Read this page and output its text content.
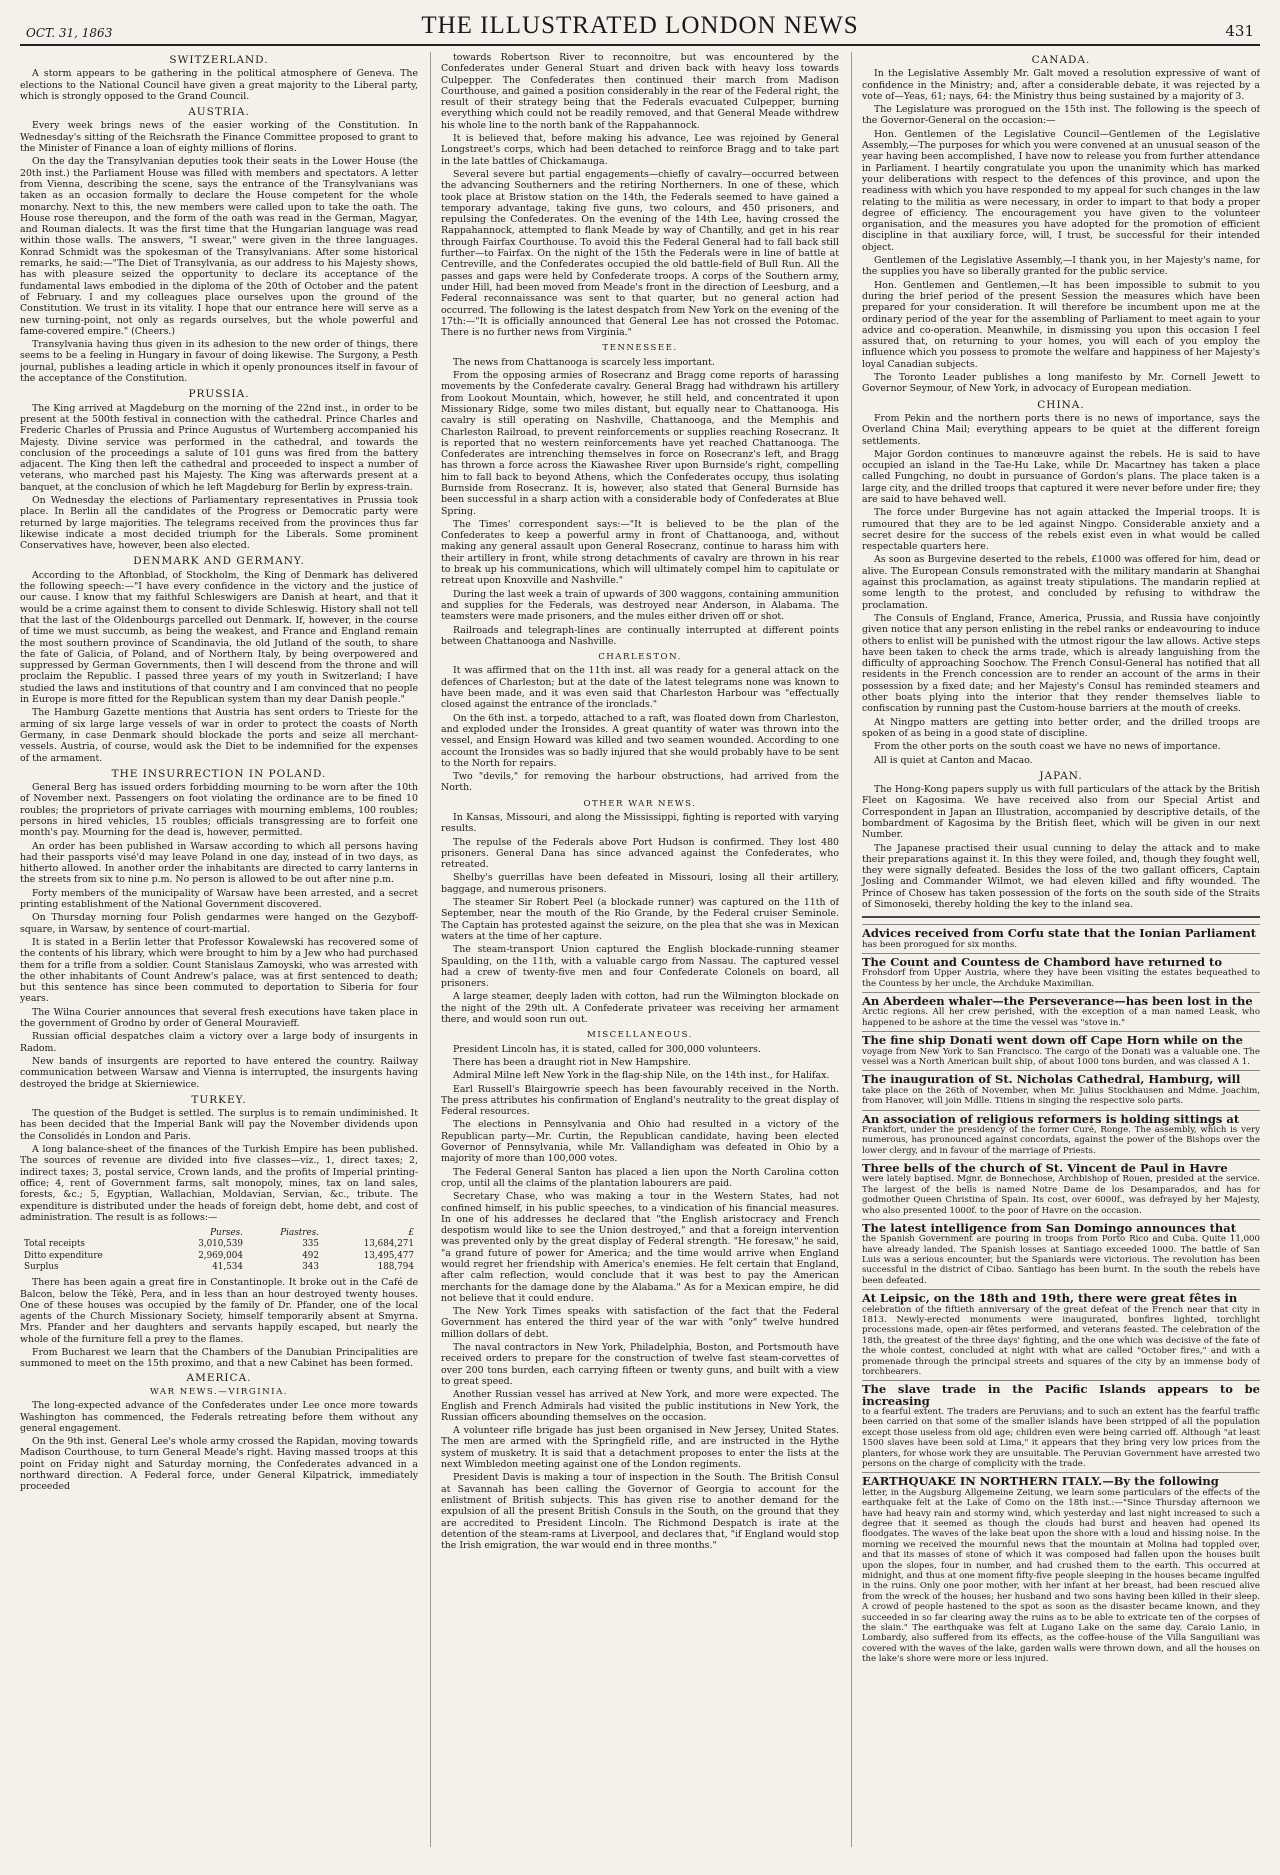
OCT. 31, 1863	THE ILLUSTRATED LONDON NEWS	431
SWITZERLAND.

A storm appears to be gathering in the political atmosphere of Geneva. The elections to the National Council have given a great majority to the Liberal party, which is strongly opposed to the Grand Council.

AUSTRIA.

Every week brings news of the easier working of the Constitution. In Wednesday's sitting of the Reichsrath the Finance Committee proposed to grant to the Minister of Finance a loan of eighty millions of florins.

On the day the Transylvanian deputies took their seats in the Lower House (the 20th inst.) the Parliament House was filled with members and spectators. A letter from Vienna, describing the scene, says the entrance of the Transylvanians was taken as an occasion formally to declare the House competent for the whole monarchy. Next to this, the new members were called upon to take the oath. The House rose thereupon, and the form of the oath was read in the German, Magyar, and Rouman dialects. It was the first time that the Hungarian language was read within those walls. The answers, "I swear," were given in the three languages. Konrad Schmidt was the spokesman of the Transylvanians. After some historical remarks, he said:—"The Diet of Transylvania, as our address to his Majesty shows, has with pleasure seized the opportunity to declare its acceptance of the fundamental laws embodied in the diploma of the 20th of October and the patent of February. I and my colleagues place ourselves upon the ground of the Constitution. We trust in its vitality. I hope that our entrance here will serve as a new turning-point, not only as regards ourselves, but the whole powerful and fame-covered empire." (Cheers.)

Transylvania having thus given in its adhesion to the new order of things, there seems to be a feeling in Hungary in favour of doing likewise. The Surgony, a Pesth journal, publishes a leading article in which it openly pronounces itself in favour of the acceptance of the Constitution.

PRUSSIA.

The King arrived at Magdeburg on the morning of the 22nd inst., in order to be present at the 500th festival in connection with the cathedral. Prince Charles and Frederic Charles of Prussia and Prince Augustus of Wurtemberg accompanied his Majesty. Divine service was performed in the cathedral, and towards the conclusion of the proceedings a salute of 101 guns was fired from the battery adjacent. The King then left the cathedral and proceeded to inspect a number of veterans, who marched past his Majesty. The King was afterwards present at a banquet, at the conclusion of which he left Magdeburg for Berlin by express-train.

On Wednesday the elections of Parliamentary representatives in Prussia took place. In Berlin all the candidates of the Progress or Democratic party were returned by large majorities. The telegrams received from the provinces thus far likewise indicate a most decided triumph for the Liberals. Some prominent Conservatives have, however, been also elected.

DENMARK AND GERMANY.

According to the Aftonblad, of Stockholm, the King of Denmark has delivered the following speech:—"I have every confidence in the victory and the justice of our cause. I know that my faithful Schleswigers are Danish at heart, and that it would be a crime against them to consent to divide Schleswig. History shall not tell that the last of the Oldenbourgs parcelled out Denmark. If, however, in the course of time we must succumb, as being the weakest, and France and England remain the most southern province of Scandinavia, the old Jutland of the south, to share the fate of Galicia, of Poland, and of Northern Italy, by being overpowered and suppressed by German Governments, then I will descend from the throne and will proclaim the Republic. I passed three years of my youth in Switzerland; I have studied the laws and institutions of that country and I am convinced that no people in Europe is more fitted for the Republican system than my dear Danish people."

The Hamburg Gazette mentions that Austria has sent orders to Trieste for the arming of six large large vessels of war in order to protect the coasts of North Germany, in case Denmark should blockade the ports and seize all merchant-vessels. Austria, of course, would ask the Diet to be indemnified for the expenses of the armament.

THE INSURRECTION IN POLAND.

General Berg has issued orders forbidding mourning to be worn after the 10th of November next. Passengers on foot violating the ordinance are to be fined 10 roubles; the proprietors of private carriages with mourning emblems, 100 roubles; persons in hired vehicles, 15 roubles; officials transgressing are to forfeit one month's pay. Mourning for the dead is, however, permitted.

An order has been published in Warsaw according to which all persons having had their passports visé'd may leave Poland in one day, instead of in two days, as hitherto allowed. In another order the inhabitants are directed to carry lanterns in the streets from six to nine p.m. No person is allowed to be out after nine p.m.

Forty members of the municipality of Warsaw have been arrested, and a secret printing establishment of the National Government discovered.

On Thursday morning four Polish gendarmes were hanged on the Gezyboff-square, in Warsaw, by sentence of court-martial.

It is stated in a Berlin letter that Professor Kowalewski has recovered some of the contents of his library, which were brought to him by a Jew who had purchased them for a trifle from a soldier. Count Stanislaus Zamoyski, who was arrested with the other inhabitants of Count Andrew's palace, was at first sentenced to death; but this sentence has since been commuted to deportation to Siberia for four years.

The Wilna Courier announces that several fresh executions have taken place in the government of Grodno by order of General Mouravieff.

Russian official despatches claim a victory over a large body of insurgents in Radom.

New bands of insurgents are reported to have entered the country. Railway communication between Warsaw and Vienna is interrupted, the insurgents having destroyed the bridge at Skierniewice.

TURKEY.

The question of the Budget is settled. The surplus is to remain undiminished. It has been decided that the Imperial Bank will pay the November dividends upon the Consolidés in London and Paris.

A long balance-sheet of the finances of the Turkish Empire has been published. The sources of revenue are divided into five classes—viz., 1, direct taxes; 2, indirect taxes; 3, postal service, Crown lands, and the profits of Imperial printing-office; 4, rent of Government farms, salt monopoly, mines, tax on land sales, forests, &c.; 5, Egyptian, Wallachian, Moldavian, Servian, &c., tribute. The expenditure is distributed under the heads of foreign debt, home debt, and cost of administration. The result is as follows:—

	Purses.	Piastres.	£
Total receipts	3,010,539	335	13,684,271
Ditto expenditure	2,969,004	492	13,495,477
Surplus	41,534	343	188,794

There has been again a great fire in Constantinople. It broke out in the Café de Balcon, below the Tékè, Pera, and in less than an hour destroyed twenty houses. One of these houses was occupied by the family of Dr. Pfander, one of the local agents of the Church Missionary Society, himself temporarily absent at Smyrna. Mrs. Pfander and her daughters and servants happily escaped, but nearly the whole of the furniture fell a prey to the flames.

From Bucharest we learn that the Chambers of the Danubian Principalities are summoned to meet on the 15th proximo, and that a new Cabinet has been formed.

AMERICA.
WAR NEWS.—VIRGINIA.

The long-expected advance of the Confederates under Lee once more towards Washington has commenced, the Federals retreating before them without any general engagement.

On the 9th inst. General Lee's whole army crossed the Rapidan, moving towards Madison Courthouse, to turn General Meade's right. Having massed troops at this point on Friday night and Saturday morning, the Confederates advanced in a northward direction. A Federal force, under General Kilpatrick, immediately proceeded

towards Robertson River to reconnoitre, but was encountered by the Confederates under General Stuart and driven back with heavy loss towards Culpepper. The Confederates then continued their march from Madison Courthouse, and gained a position considerably in the rear of the Federal right, the result of their strategy being that the Federals evacuated Culpepper, burning everything which could not be readily removed, and that General Meade withdrew his whole line to the north bank of the Rappahannock.

It is believed that, before making his advance, Lee was rejoined by General Longstreet's corps, which had been detached to reinforce Bragg and to take part in the late battles of Chickamauga.

Several severe but partial engagements—chiefly of cavalry—occurred between the advancing Southerners and the retiring Northerners. In one of these, which took place at Bristow station on the 14th, the Federals seemed to have gained a temporary advantage, taking five guns, two colours, and 450 prisoners, and repulsing the Confederates. On the evening of the 14th Lee, having crossed the Rappahannock, attempted to flank Meade by way of Chantilly, and get in his rear through Fairfax Courthouse. To avoid this the Federal General had to fall back still further—to Fairfax. On the night of the 15th the Federals were in line of battle at Centreville, and the Confederates occupied the old battle-field of Bull Run. All the passes and gaps were held by Confederate troops. A corps of the Southern army, under Hill, had been moved from Meade's front in the direction of Leesburg, and a Federal reconnaissance was sent to that quarter, but no general action had occurred. The following is the latest despatch from New York on the evening of the 17th:—"It is officially announced that General Lee has not crossed the Potomac. There is no further news from Virginia."

TENNESSEE.

The news from Chattanooga is scarcely less important.

From the opposing armies of Rosecranz and Bragg come reports of harassing movements by the Confederate cavalry. General Bragg had withdrawn his artillery from Lookout Mountain, which, however, he still held, and concentrated it upon Missionary Ridge, some two miles distant, but equally near to Chattanooga. His cavalry is still operating on Nashville, Chattanooga, and the Memphis and Charleston Railroad, to prevent reinforcements or supplies reaching Rosecranz. It is reported that no western reinforcements have yet reached Chattanooga. The Confederates are intrenching themselves in force on Rosecranz's left, and Bragg has thrown a force across the Kiawashee River upon Burnside's right, compelling him to fall back to beyond Athens, which the Confederates occupy, thus isolating Burnside from Rosecranz. It is, however, also stated that General Burnside has been successful in a sharp action with a considerable body of Confederates at Blue Spring.

The Times' correspondent says:—"It is believed to be the plan of the Confederates to keep a powerful army in front of Chattanooga, and, without making any general assault upon General Rosecranz, continue to harass him with their artillery in front, while strong detachments of cavalry are thrown in his rear to break up his communications, which will ultimately compel him to capitulate or retreat upon Knoxville and Nashville."

During the last week a train of upwards of 300 waggons, containing ammunition and supplies for the Federals, was destroyed near Anderson, in Alabama. The teamsters were made prisoners, and the mules either driven off or shot.

Railroads and telegraph-lines are continually interrupted at different points between Chattanooga and Nashville.

CHARLESTON.

It was affirmed that on the 11th inst. all was ready for a general attack on the defences of Charleston; but at the date of the latest telegrams none was known to have been made, and it was even said that Charleston Harbour was "effectually closed against the entrance of the ironclads."

On the 6th inst. a torpedo, attached to a raft, was floated down from Charleston, and exploded under the Ironsides. A great quantity of water was thrown into the vessel, and Ensign Howard was killed and two seamen wounded. According to one account the Ironsides was so badly injured that she would probably have to be sent to the North for repairs.

Two "devils," for removing the harbour obstructions, had arrived from the North.

OTHER WAR NEWS.

In Kansas, Missouri, and along the Mississippi, fighting is reported with varying results.

The repulse of the Federals above Port Hudson is confirmed. They lost 480 prisoners. General Dana has since advanced against the Confederates, who retreated.

Shelby's guerrillas have been defeated in Missouri, losing all their artillery, baggage, and numerous prisoners.

The steamer Sir Robert Peel (a blockade runner) was captured on the 11th of September, near the mouth of the Rio Grande, by the Federal cruiser Seminole. The Captain has protested against the seizure, on the plea that she was in Mexican waters at the time of her capture.

The steam-transport Union captured the English blockade-running steamer Spaulding, on the 11th, with a valuable cargo from Nassau. The captured vessel had a crew of twenty-five men and four Confederate Colonels on board, all prisoners.

A large steamer, deeply laden with cotton, had run the Wilmington blockade on the night of the 29th ult. A Confederate privateer was receiving her armament there, and would soon run out.

MISCELLANEOUS.

President Lincoln has, it is stated, called for 300,000 volunteers.

There has been a draught riot in New Hampshire.

Admiral Milne left New York in the flag-ship Nile, on the 14th inst., for Halifax.

Earl Russell's Blairgowrie speech has been favourably received in the North. The press attributes his confirmation of England's neutrality to the great display of Federal resources.

The elections in Pennsylvania and Ohio had resulted in a victory of the Republican party—Mr. Curtin, the Republican candidate, having been elected Governor of Pennsylvania, while Mr. Vallandigham was defeated in Ohio by a majority of more than 100,000 votes.

The Federal General Santon has placed a lien upon the North Carolina cotton crop, until all the claims of the plantation labourers are paid.

Secretary Chase, who was making a tour in the Western States, had not confined himself, in his public speeches, to a vindication of his financial measures. In one of his addresses he declared that "the English aristocracy and French despotism would like to see the Union destroyed," and that a foreign intervention was prevented only by the great display of Federal strength. "He foresaw," he said, "a grand future of power for America; and the time would arrive when England would regret her friendship with America's enemies. He felt certain that England, after calm reflection, would conclude that it was best to pay the American merchants for the damage done by the Alabama." As for a Mexican empire, he did not believe that it could endure.

The New York Times speaks with satisfaction of the fact that the Federal Government has entered the third year of the war with "only" twelve hundred million dollars of debt.

The naval contractors in New York, Philadelphia, Boston, and Portsmouth have received orders to prepare for the construction of twelve fast steam-corvettes of over 200 tons burden, each carrying fifteen or twenty guns, and built with a view to great speed.

Another Russian vessel has arrived at New York, and more were expected. The English and French Admirals had visited the public institutions in New York, the Russian officers abounding themselves on the occasion.

A volunteer rifle brigade has just been organised in New Jersey, United States. The men are armed with the Springfield rifle, and are instructed in the Hythe system of musketry. It is said that a detachment proposes to enter the lists at the next Wimbledon meeting against one of the London regiments.

President Davis is making a tour of inspection in the South. The British Consul at Savannah has been calling the Governor of Georgia to account for the enlistment of British subjects. This has given rise to another demand for the expulsion of all the present British Consuls in the South, on the ground that they are accredited to President Lincoln. The Richmond Despatch is irate at the detention of the steam-rams at Liverpool, and declares that, "if England would stop the Irish emigration, the war would end in three months."

CANADA.

In the Legislative Assembly Mr. Galt moved a resolution expressive of want of confidence in the Ministry; and, after a considerable debate, it was rejected by a vote of—Yeas, 61; nays, 64: the Ministry thus being sustained by a majority of 3.

The Legislature was prorogued on the 15th inst. The following is the speech of the Governor-General on the occasion:—

Hon. Gentlemen of the Legislative Council—Gentlemen of the Legislative Assembly,—The purposes for which you were convened at an unusual season of the year having been accomplished, I have now to release you from further attendance in Parliament. I heartily congratulate you upon the unanimity which has marked your deliberations with respect to the defences of this province, and upon the readiness with which you have responded to my appeal for such changes in the law relating to the militia as were necessary, in order to impart to that body a proper degree of efficiency. The encouragement you have given to the volunteer organisation, and the measures you have adopted for the promotion of efficient discipline in that auxiliary force, will, I trust, be successful for their intended object.

Gentlemen of the Legislative Assembly,—I thank you, in her Majesty's name, for the supplies you have so liberally granted for the public service.

Hon. Gentlemen and Gentlemen,—It has been impossible to submit to you during the brief period of the present Session the measures which have been prepared for your consideration. It will therefore be incumbent upon me at the ordinary period of the year for the assembling of Parliament to meet again to your advice and co-operation. Meanwhile, in dismissing you upon this occasion I feel assured that, on returning to your homes, you will each of you employ the influence which you possess to promote the welfare and happiness of her Majesty's loyal Canadian subjects.

The Toronto Leader publishes a long manifesto by Mr. Cornell Jewett to Governor Seymour, of New York, in advocacy of European mediation.

CHINA.

From Pekin and the northern ports there is no news of importance, says the Overland China Mail; everything appears to be quiet at the different foreign settlements.

Major Gordon continues to manœuvre against the rebels. He is said to have occupied an island in the Tae-Hu Lake, while Dr. Macartney has taken a place called Fungching, no doubt in pursuance of Gordon's plans. The place taken is a large city, and the drilled troops that captured it were never before under fire; they are said to have behaved well.

The force under Burgevine has not again attacked the Imperial troops. It is rumoured that they are to be led against Ningpo. Considerable anxiety and a secret desire for the success of the rebels exist even in what would be called respectable quarters here.

As soon as Burgevine deserted to the rebels, £1000 was offered for him, dead or alive. The European Consuls remonstrated with the military mandarin at Shanghai against this proclamation, as against treaty stipulations. The mandarin replied at some length to the protest, and concluded by refusing to withdraw the proclamation.

The Consuls of England, France, America, Prussia, and Russia have conjointly given notice that any person enlisting in the rebel ranks or endeavouring to induce others to enlist will be punished with the utmost rigour the law allows. Active steps have been taken to check the arms trade, which is already languishing from the difficulty of approaching Soochow. The French Consul-General has notified that all residents in the French concession are to render an account of the arms in their possession by a fixed date; and her Majesty's Consul has reminded steamers and other boats plying into the interior that they render themselves liable to confiscation by running past the Custom-house barriers at the mouth of creeks.

At Ningpo matters are getting into better order, and the drilled troops are spoken of as being in a good state of discipline.

From the other ports on the south coast we have no news of importance.

All is quiet at Canton and Macao.

JAPAN.

The Hong-Kong papers supply us with full particulars of the attack by the British Fleet on Kagosima. We have received also from our Special Artist and Correspondent in Japan an Illustration, accompanied by descriptive details, of the bombardment of Kagosima by the British fleet, which will be given in our next Number.

The Japanese practised their usual cunning to delay the attack and to make their preparations against it. In this they were foiled, and, though they fought well, they were signally defeated. Besides the loss of the two gallant officers, Captain Josling and Commander Wilmot, we had eleven killed and fifty wounded. The Prince of Chosew has taken possession of the forts on the south side of the Straits of Simonoseki, thereby holding the key to the inland sea.

Advices received from Corfu state that the Ionian Parliament
has been prorogued for six months.
The Count and Countess de Chambord have returned to
Frohsdorf from Upper Austria, where they have been visiting the estates bequeathed to the Countess by her uncle, the Archduke Maximilian.
An Aberdeen whaler—the Perseverance—has been lost in the
Arctic regions. All her crew perished, with the exception of a man named Leask, who happened to be ashore at the time the vessel was "stove in."
The fine ship Donati went down off Cape Horn while on the
voyage from New York to San Francisco. The cargo of the Donati was a valuable one. The vessel was a North American built ship, of about 1000 tons burden, and was classed A 1.
The inauguration of St. Nicholas Cathedral, Hamburg, will
take place on the 26th of November, when Mr. Julius Stockhausen and Mdme. Joachim, from Hanover, will join Mdlle. Titiens in singing the respective solo parts.
An association of religious reformers is holding sittings at
Frankfort, under the presidency of the former Curé, Ronge. The assembly, which is very numerous, has pronounced against concordats, against the power of the Bishops over the lower clergy, and in favour of the marriage of Priests.
Three bells of the church of St. Vincent de Paul in Havre
were lately baptised. Mgnr. de Bonnechose, Archbishop of Rouen, presided at the service. The largest of the bells is named Notre Dame de los Desamparados, and has for godmother Queen Christina of Spain. Its cost, over 6000f., was defrayed by her Majesty, who also presented 1000f. to the poor of Havre on the occasion.
The latest intelligence from San Domingo announces that
the Spanish Government are pouring in troops from Porto Rico and Cuba. Quite 11,000 have already landed. The Spanish losses at Santiago exceeded 1000. The battle of San Luis was a serious encounter, but the Spaniards were victorious. The revolution has been successful in the district of Cibao. Santiago has been burnt. In the south the rebels have been defeated.
At Leipsic, on the 18th and 19th, there were great fêtes in
celebration of the fiftieth anniversary of the great defeat of the French near that city in 1813. Newly-erected monuments were inaugurated, bonfires lighted, torchlight processions made, open-air fêtes performed, and veterans feasted. The celebration of the 18th, the greatest of the three days' fighting, and the one which was decisive of the fate of the whole contest, concluded at night with what are called "October fires," and with a promenade through the principal streets and squares of the city by an immense body of torchbearers.
The slave trade in the Pacific Islands appears to be increasing
to a fearful extent. The traders are Peruvians; and to such an extent has the fearful traffic been carried on that some of the smaller islands have been stripped of all the population except those useless from old age; children even were being carried off. Although "at least 1500 slaves have been sold at Lima," it appears that they bring very low prices from the planters, for whose work they are unsuitable. The Peruvian Government have arrested two persons on the charge of complicity with the trade.
EARTHQUAKE IN NORTHERN ITALY.—By the following
letter, in the Augsburg Allgemeine Zeitung, we learn some particulars of the effects of the earthquake felt at the Lake of Como on the 18th inst.:—"Since Thursday afternoon we have had heavy rain and stormy wind, which yesterday and last night increased to such a degree that it seemed as though the clouds had burst and heaven had opened its floodgates. The waves of the lake beat upon the shore with a loud and hissing noise. In the morning we received the mournful news that the mountain at Molina had toppled over, and that its masses of stone of which it was composed had fallen upon the houses built upon the slopes, four in number, and had crushed them to the earth. This occurred at midnight, and thus at one moment fifty-five people sleeping in the houses became ingulfed in the ruins. Only one poor mother, with her infant at her breast, had been rescued alive from the wreck of the houses; her husband and two sons having been killed in their sleep. A crowd of people hastened to the spot as soon as the disaster became known, and they succeeded in so far clearing away the ruins as to be able to extricate ten of the corpses of the slain." The earthquake was felt at Lugano Lake on the same day. Caraio Lanio, in Lombardy, also suffered from its effects, as the coffee-house of the Villa Sanguiliani was covered with the waves of the lake, garden walls were thrown down, and all the houses on the lake's shore were more or less injured.
